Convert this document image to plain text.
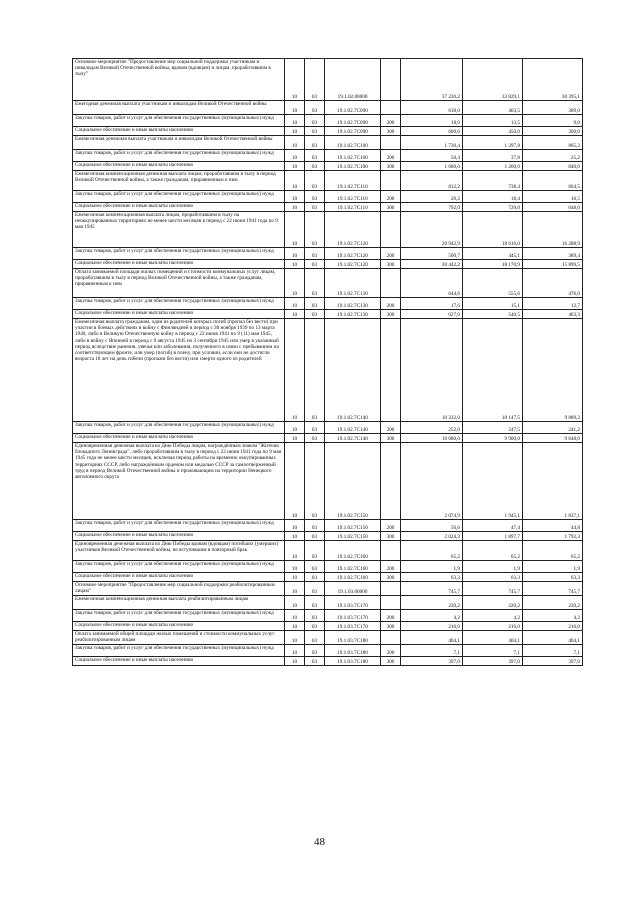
Основное мероприятие "Предоставление мер социальной поддержки участникам и инвалидам Великой Отечественной войны, вдовам (вдовцам) и лицам, проработавшим в тылу"	10	03	19.1.02.00000		37 220,2	33 829,1	30 395,1
Ежегодная денежная выплата участникам и инвалидам Великой Отечественной войны	10	03	19.1.02.7С090		618,0	463,5	309,0
Закупка товаров, работ и услуг для обеспечения государственных (муниципальных) нужд	10	03	19.1.02.7С090	200	18,0	13,5	9,0
Социальное обеспечение и иные выплаты населению	10	03	19.1.02.7С090	300	600,0	450,0	300,0
Ежемесячная денежная выплата участникам и инвалидам Великой Отечественной войны	10	03	19.1.02.7С100		1 730,4	1 297,8	865,2
Закупка товаров, работ и услуг для обеспечения государственных (муниципальных) нужд	10	03	19.1.02.7С100	200	50,4	37,8	25,2
Социальное обеспечение и иные выплаты населению	10	03	19.1.02.7С100	300	1 680,0	1 260,0	840,0
Ежемесячная компенсационная денежная выплата лицам, проработавшим в тылу в период Великой Отечественной войны, а также гражданам, приравненным к ним	10	03	19.1.02.7С110		812,2	738,4	664,5
Закупка товаров, работ и услуг для обеспечения государственных (муниципальных) нужд	10	03	19.1.02.7С110	200	20,2	18,4	16,5
Социальное обеспечение и иные выплаты населению	10	03	19.1.02.7С110	300	792,0	720,0	648,0
Ежемесячная компенсационная выплата лицам, проработавшим в тылу на неоккупированных территориях не менее шести месяцев в период с 22 июня 1941 года по 9 мая 1945	10	03	19.1.02.7С120		20 942,9	18 616,0	16 288,9
Закупка товаров, работ и услуг для обеспечения государственных (муниципальных) нужд	10	03	19.1.02.7С120	200	500,7	445,1	389,4
Социальное обеспечение и иные выплаты населению	10	03	19.1.02.7С120	300	20 442,2	18 170,9	15 899,5
Оплата занимаемой площади жилых помещений и стоимости коммунальных услуг лицам, проработавшим в тылу в период Великой Отечественной войны, а также гражданам, приравненным к ним	10	03	19.1.02.7С130		644,6	555,6	476,0
Закупка товаров, работ и услуг для обеспечения государственных (муниципальных) нужд	10	03	19.1.02.7С130	200	17,6	15,1	12,7
Социальное обеспечение и иные выплаты населению	10	03	19.1.02.7С130	300	627,0	540,5	463,3
Ежемесячная выплата гражданам, один из родителей которых погиб (пропал без вести) при участии в боевых действиях в войну с Финляндией в период с 30 ноября 1939 по 13 марта 1940, либо в Великую Отечественную войну в период с 22 июня 1941 по 9 (11) мая 1945, либо в войну с Японией в период с 9 августа 1945 по 3 сентября 1945 или умер в указанный период вследствие ранения, увечья или заболевания, полученного в связи с пребыванием на соответствующем фронте, или умер (погиб) в плену, при условии, если они не достигли возраста 18 лет на день гибели (пропажи без вести) или смерти одного из родителей	10	03	19.1.02.7С140		10 332,0	10 147,5	9 889,2
Закупка товаров, работ и услуг для обеспечения государственных (муниципальных) нужд	10	03	19.1.02.7С140	200	252,0	247,5	241,2
Социальное обеспечение и иные выплаты населению	10	03	19.1.02.7С140	300	10 080,0	9 900,0	9 648,0
Единовременная денежная выплата ко Дню Победы лицам, награждённым знаком "Жителю блокадного Ленинграда", либо проработавшим в тылу в период с 22 июня 1941 года по 9 мая 1945 года не менее шести месяцев, исключая период работы на временно оккупированных территориях СССР, либо награждённым орденом или медалью СССР за самоотверженный труд в период Великой Отечественной войны и проживающим на территории Ненецкого автономного округа	10	03	19.1.02.7С150		2 074,9	1 945,1	1 837,1
Закупка товаров, работ и услуг для обеспечения государственных (муниципальных) нужд	10	03	19.1.02.7С150	200	50,6	47,4	44,8
Социальное обеспечение и иные выплаты населению	10	03	19.1.02.7С150	300	2 024,3	1 897,7	1 792,3
Единовременная денежная выплата ко Дню Победы вдовам (вдовцам) погибших (умерших) участников Великой Отечественной войны, не вступившим в повторный брак	10	03	19.1.02.7С160		65,2	65,2	65,2
Закупка товаров, работ и услуг для обеспечения государственных (муниципальных) нужд	10	03	19.1.02.7С160	200	1,9	1,9	1,9
Социальное обеспечение и иные выплаты населению	10	03	19.1.02.7С160	300	63,3	63,3	63,3
Основное мероприятие "Предоставление мер социальной поддержки реабилитированным лицам"	10	03	19.1.03.00000		745,7	745,7	745,7
Ежемесячная компенсационная денежная выплата реабилитированным лицам	10	03	19.1.03.7С170		220,2	220,2	220,2
Закупка товаров, работ и услуг для обеспечения государственных (муниципальных) нужд	10	03	19.1.03.7С170	200	4,2	4,2	4,2
Социальное обеспечение и иные выплаты населению	10	03	19.1.03.7С170	300	216,0	216,0	216,0
Оплата занимаемой общей площади жилых помещений и стоимости коммунальных услуг реабилитированным лицам	10	03	19.1.03.7С180		404,1	404,1	404,1
Закупка товаров, работ и услуг для обеспечения государственных (муниципальных) нужд	10	03	19.1.03.7С180	200	7,1	7,1	7,1
Социальное обеспечение и иные выплаты населению	10	03	19.1.03.7С180	300	397,0	397,0	397,0
48
